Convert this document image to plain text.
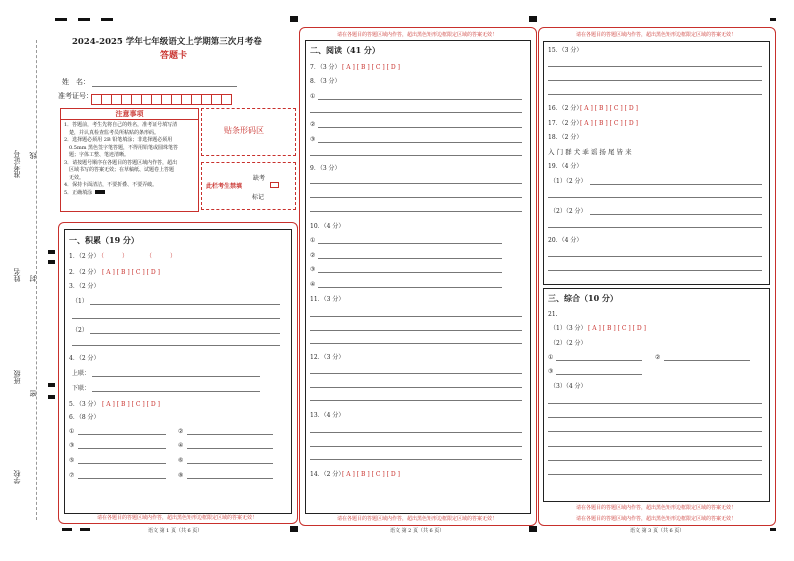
准考证号 线
姓名 封
班级
密
学校
2024-2025 学年七年级语文上学期第三次月考卷
答题卡
姓　名：
准考证号：
注意事项
1．答题前，考生先将自己的姓名，准考证号填写清
　楚，并认真检查监考员所粘贴的条形码。
2．选择题必须用 2B 铅笔填涂；非选择题必须用
　0.5mm 黑色签字笔答题，不得用铅笔或圆珠笔答
　题；字体工整、笔迹清晰。
3．请按题号顺序在各题目的答题区域内作答，超出
　区域书写的答案无效；在草稿纸、试题卷上答题
　无效。
4．保持卡面清洁，不要折叠、不要弄破。
5．正确填涂
贴条形码区
此栏考生禁填
缺考
标记
请在各题目的答题区域内作答，超出黑色矩形边框限定区域的答案无效！
语文 第 1 页（共 6 页）
一、积累（19 分）
1．（2 分）
（　　　）　　　　（　　　）
2．（2 分） [ A ] [ B ] [ C ] [ D ]
3．（2 分）
（1）
（2）
4．（2 分）
上联：
下联：
5．（3 分） [ A ] [ B ] [ C ] [ D ]
6．（8 分）
①	②
③	④
⑤	⑥
⑦	⑧
请在各题目的答题区域内作答，超出黑色矩形边框限定区域的答案无效！
请在各题目的答题区域内作答，超出黑色矩形边框限定区域的答案无效！
语文 第 2 页（共 6 页）
二、阅读（41 分）
7．（3 分） [ A ] [ B ] [ C ] [ D ]
8．（3 分）
①
②
③
9．（3 分）
10．（4 分）
①
②
③
④
11．（3 分）
12．（3 分）
13．（4 分）
14．（2 分）
[ A ] [ B ] [ C ] [ D ]
请在各题目的答题区域内作答，超出黑色矩形边框限定区域的答案无效！
请在各题目的答题区域内作答，超出黑色矩形边框限定区域的答案无效！
请在各题目的答题区域内作答，超出黑色矩形边框限定区域的答案无效！
语文 第 3 页（共 6 页）
15．（3 分）
16．（2 分）
[ A ] [ B ] [ C ] [ D ]
17．（2 分）
[ A ] [ B ] [ C ] [ D ]
18．（2 分）
入 门 群 犬 乖 谣 扬 尾 皆 来
19．（4 分）
（1）（2 分）
（2）（2 分）
20．（4 分）
三、综合（10 分）
21.
（1）（3 分） [ A ] [ B ] [ C ] [ D ]
（2）（2 分）
①	②
③
（3）（4 分）
